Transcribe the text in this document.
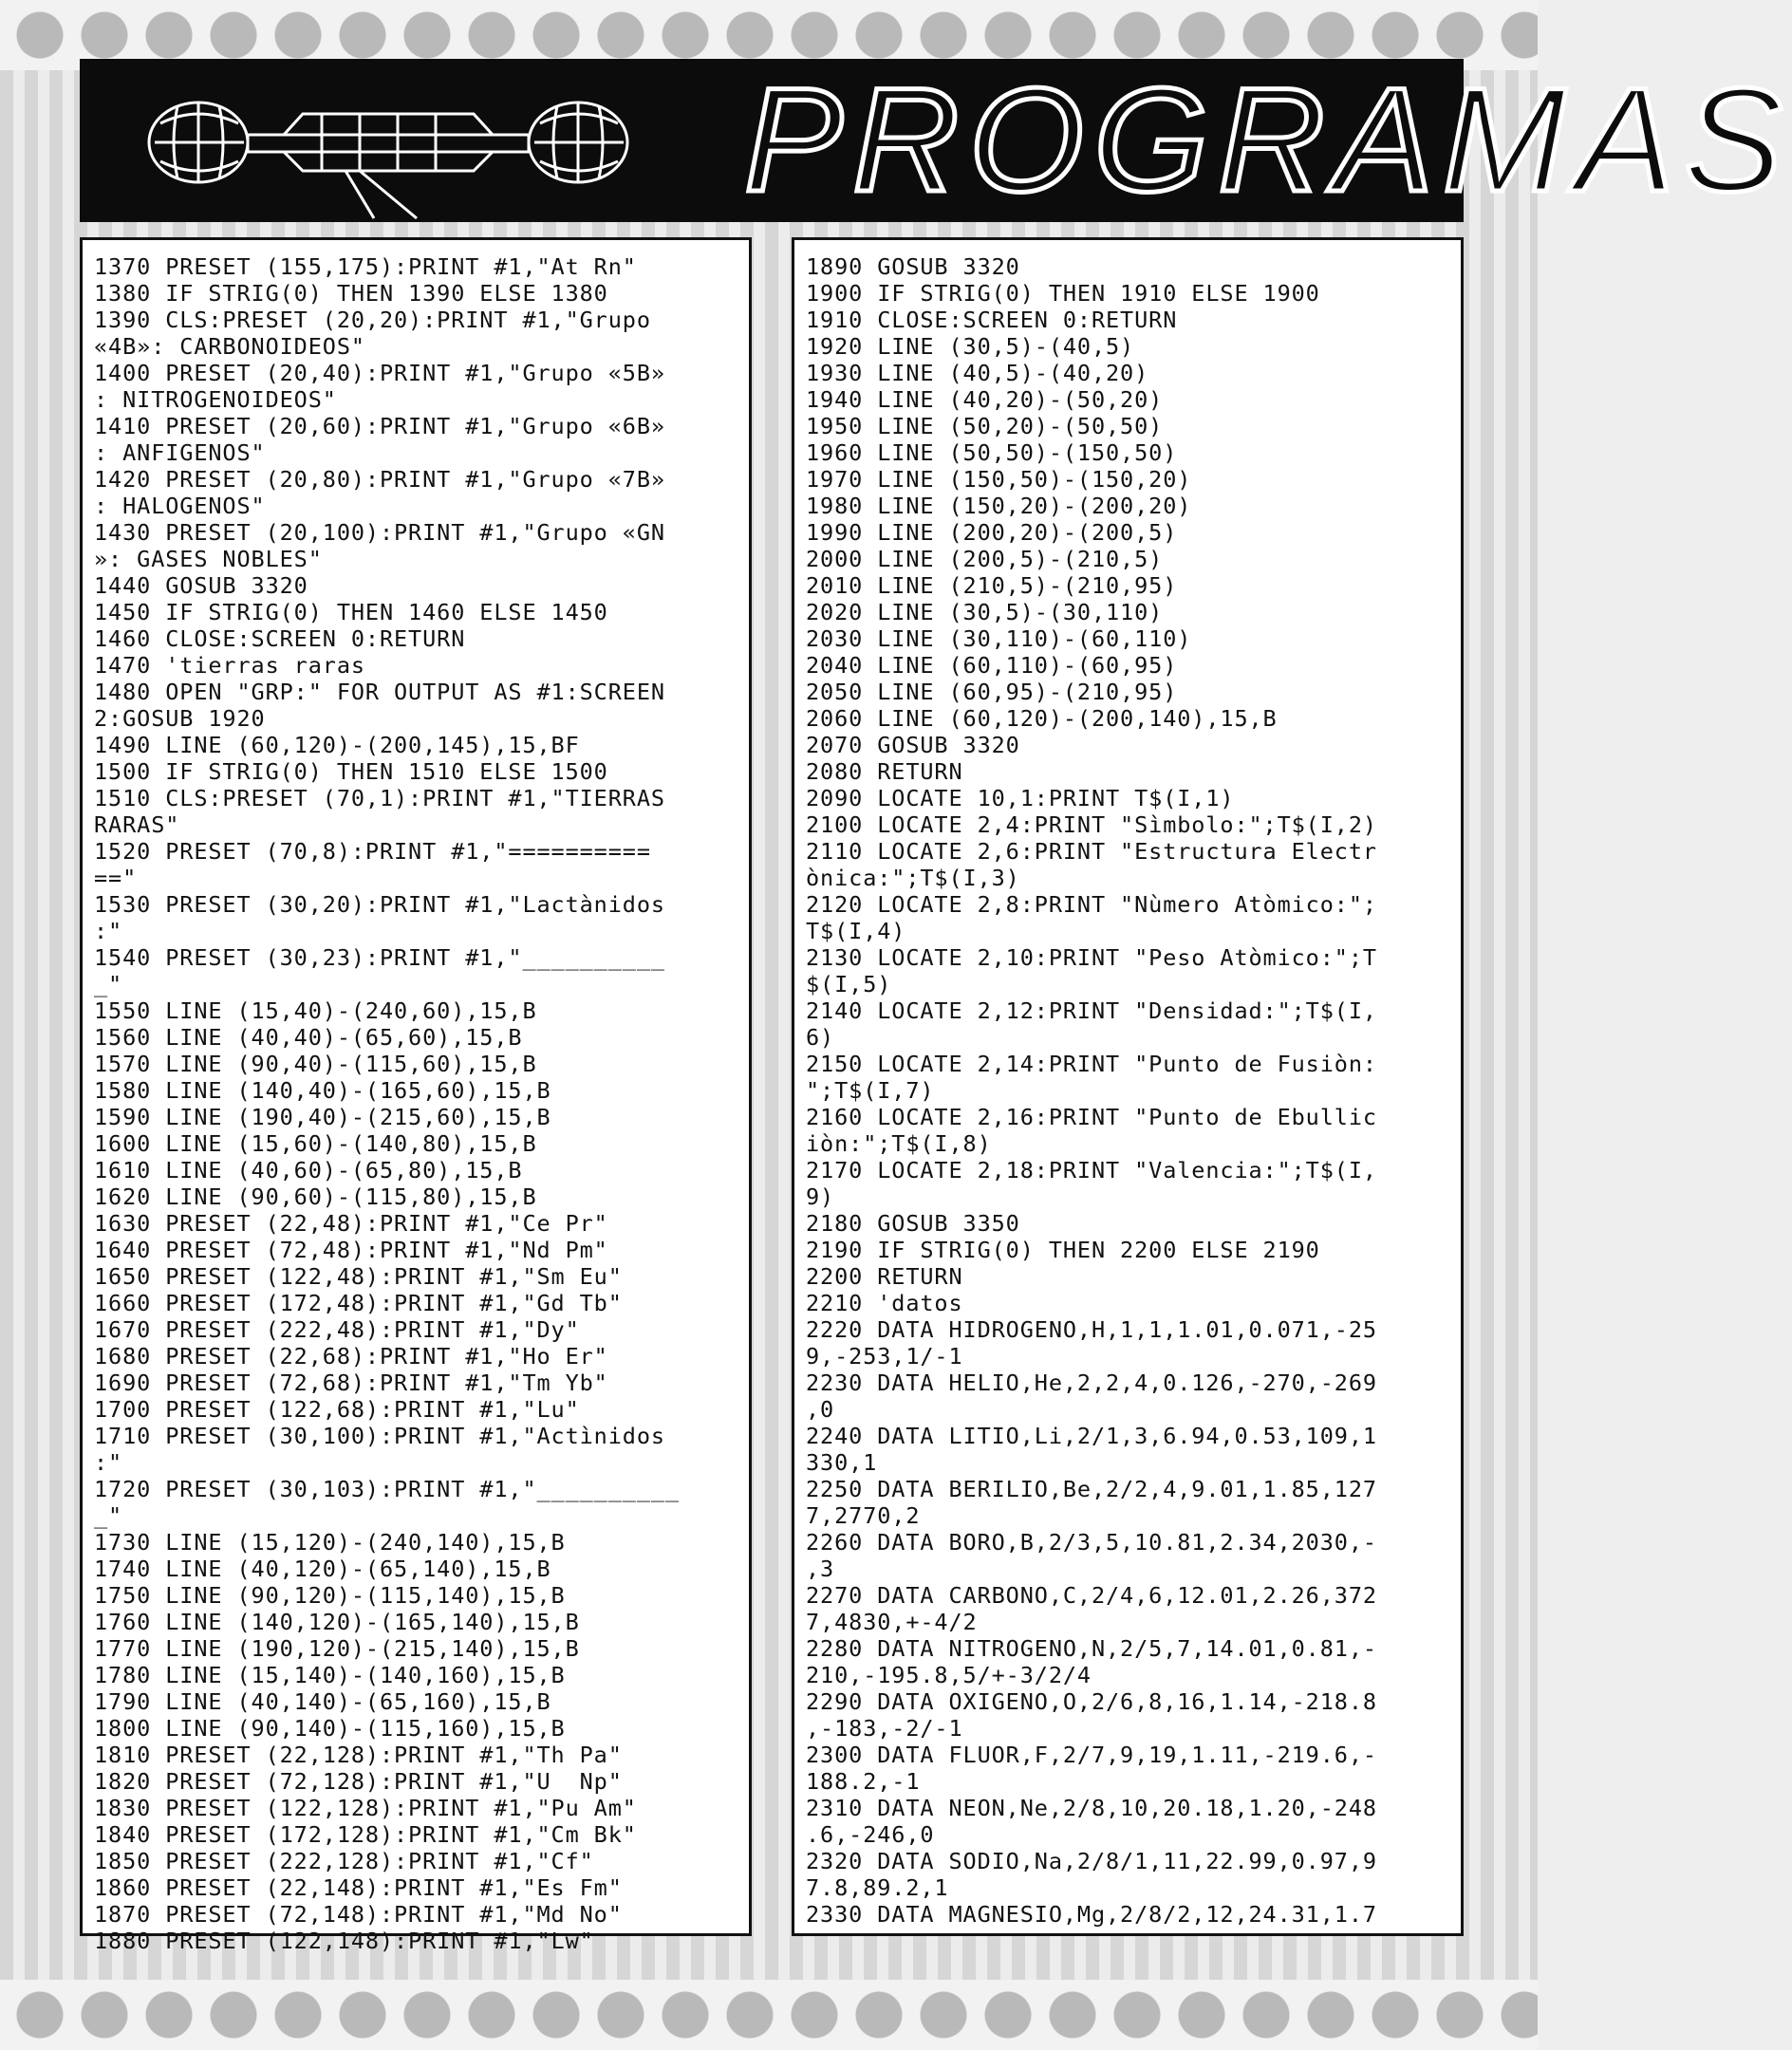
PROGRAMAS
1370 PRESET (155,175):PRINT #1,"At Rn"
1380 IF STRIG(0) THEN 1390 ELSE 1380
1390 CLS:PRESET (20,20):PRINT #1,"Grupo
«4B»: CARBONOIDEOS"
1400 PRESET (20,40):PRINT #1,"Grupo «5B»
: NITROGENOIDEOS"
1410 PRESET (20,60):PRINT #1,"Grupo «6B»
: ANFIGENOS"
1420 PRESET (20,80):PRINT #1,"Grupo «7B»
: HALOGENOS"
1430 PRESET (20,100):PRINT #1,"Grupo «GN
»: GASES NOBLES"
1440 GOSUB 3320
1450 IF STRIG(0) THEN 1460 ELSE 1450
1460 CLOSE:SCREEN 0:RETURN
1470 'tierras raras
1480 OPEN "GRP:" FOR OUTPUT AS #1:SCREEN
2:GOSUB 1920
1490 LINE (60,120)-(200,145),15,BF
1500 IF STRIG(0) THEN 1510 ELSE 1500
1510 CLS:PRESET (70,1):PRINT #1,"TIERRAS
RARAS"
1520 PRESET (70,8):PRINT #1,"==========
=="
1530 PRESET (30,20):PRINT #1,"Lactànidos
:"
1540 PRESET (30,23):PRINT #1,"__________
_"
1550 LINE (15,40)-(240,60),15,B
1560 LINE (40,40)-(65,60),15,B
1570 LINE (90,40)-(115,60),15,B
1580 LINE (140,40)-(165,60),15,B
1590 LINE (190,40)-(215,60),15,B
1600 LINE (15,60)-(140,80),15,B
1610 LINE (40,60)-(65,80),15,B
1620 LINE (90,60)-(115,80),15,B
1630 PRESET (22,48):PRINT #1,"Ce Pr"
1640 PRESET (72,48):PRINT #1,"Nd Pm"
1650 PRESET (122,48):PRINT #1,"Sm Eu"
1660 PRESET (172,48):PRINT #1,"Gd Tb"
1670 PRESET (222,48):PRINT #1,"Dy"
1680 PRESET (22,68):PRINT #1,"Ho Er"
1690 PRESET (72,68):PRINT #1,"Tm Yb"
1700 PRESET (122,68):PRINT #1,"Lu"
1710 PRESET (30,100):PRINT #1,"Actìnidos
:"
1720 PRESET (30,103):PRINT #1,"__________
_"
1730 LINE (15,120)-(240,140),15,B
1740 LINE (40,120)-(65,140),15,B
1750 LINE (90,120)-(115,140),15,B
1760 LINE (140,120)-(165,140),15,B
1770 LINE (190,120)-(215,140),15,B
1780 LINE (15,140)-(140,160),15,B
1790 LINE (40,140)-(65,160),15,B
1800 LINE (90,140)-(115,160),15,B
1810 PRESET (22,128):PRINT #1,"Th Pa"
1820 PRESET (72,128):PRINT #1,"U  Np"
1830 PRESET (122,128):PRINT #1,"Pu Am"
1840 PRESET (172,128):PRINT #1,"Cm Bk"
1850 PRESET (222,128):PRINT #1,"Cf"
1860 PRESET (22,148):PRINT #1,"Es Fm"
1870 PRESET (72,148):PRINT #1,"Md No"
1880 PRESET (122,148):PRINT #1,"Lw"
1890 GOSUB 3320
1900 IF STRIG(0) THEN 1910 ELSE 1900
1910 CLOSE:SCREEN 0:RETURN
1920 LINE (30,5)-(40,5)
1930 LINE (40,5)-(40,20)
1940 LINE (40,20)-(50,20)
1950 LINE (50,20)-(50,50)
1960 LINE (50,50)-(150,50)
1970 LINE (150,50)-(150,20)
1980 LINE (150,20)-(200,20)
1990 LINE (200,20)-(200,5)
2000 LINE (200,5)-(210,5)
2010 LINE (210,5)-(210,95)
2020 LINE (30,5)-(30,110)
2030 LINE (30,110)-(60,110)
2040 LINE (60,110)-(60,95)
2050 LINE (60,95)-(210,95)
2060 LINE (60,120)-(200,140),15,B
2070 GOSUB 3320
2080 RETURN
2090 LOCATE 10,1:PRINT T$(I,1)
2100 LOCATE 2,4:PRINT "Sìmbolo:";T$(I,2)
2110 LOCATE 2,6:PRINT "Estructura Electr
ònica:";T$(I,3)
2120 LOCATE 2,8:PRINT "Nùmero Atòmico:";
T$(I,4)
2130 LOCATE 2,10:PRINT "Peso Atòmico:";T
$(I,5)
2140 LOCATE 2,12:PRINT "Densidad:";T$(I,
6)
2150 LOCATE 2,14:PRINT "Punto de Fusiòn:
";T$(I,7)
2160 LOCATE 2,16:PRINT "Punto de Ebullic
iòn:";T$(I,8)
2170 LOCATE 2,18:PRINT "Valencia:";T$(I,
9)
2180 GOSUB 3350
2190 IF STRIG(0) THEN 2200 ELSE 2190
2200 RETURN
2210 'datos
2220 DATA HIDROGENO,H,1,1,1.01,0.071,-25
9,-253,1/-1
2230 DATA HELIO,He,2,2,4,0.126,-270,-269
,0
2240 DATA LITIO,Li,2/1,3,6.94,0.53,109,1
330,1
2250 DATA BERILIO,Be,2/2,4,9.01,1.85,127
7,2770,2
2260 DATA BORO,B,2/3,5,10.81,2.34,2030,-
,3
2270 DATA CARBONO,C,2/4,6,12.01,2.26,372
7,4830,+-4/2
2280 DATA NITROGENO,N,2/5,7,14.01,0.81,-
210,-195.8,5/+-3/2/4
2290 DATA OXIGENO,O,2/6,8,16,1.14,-218.8
,-183,-2/-1
2300 DATA FLUOR,F,2/7,9,19,1.11,-219.6,-
188.2,-1
2310 DATA NEON,Ne,2/8,10,20.18,1.20,-248
.6,-246,0
2320 DATA SODIO,Na,2/8/1,11,22.99,0.97,9
7.8,89.2,1
2330 DATA MAGNESIO,Mg,2/8/2,12,24.31,1.7
